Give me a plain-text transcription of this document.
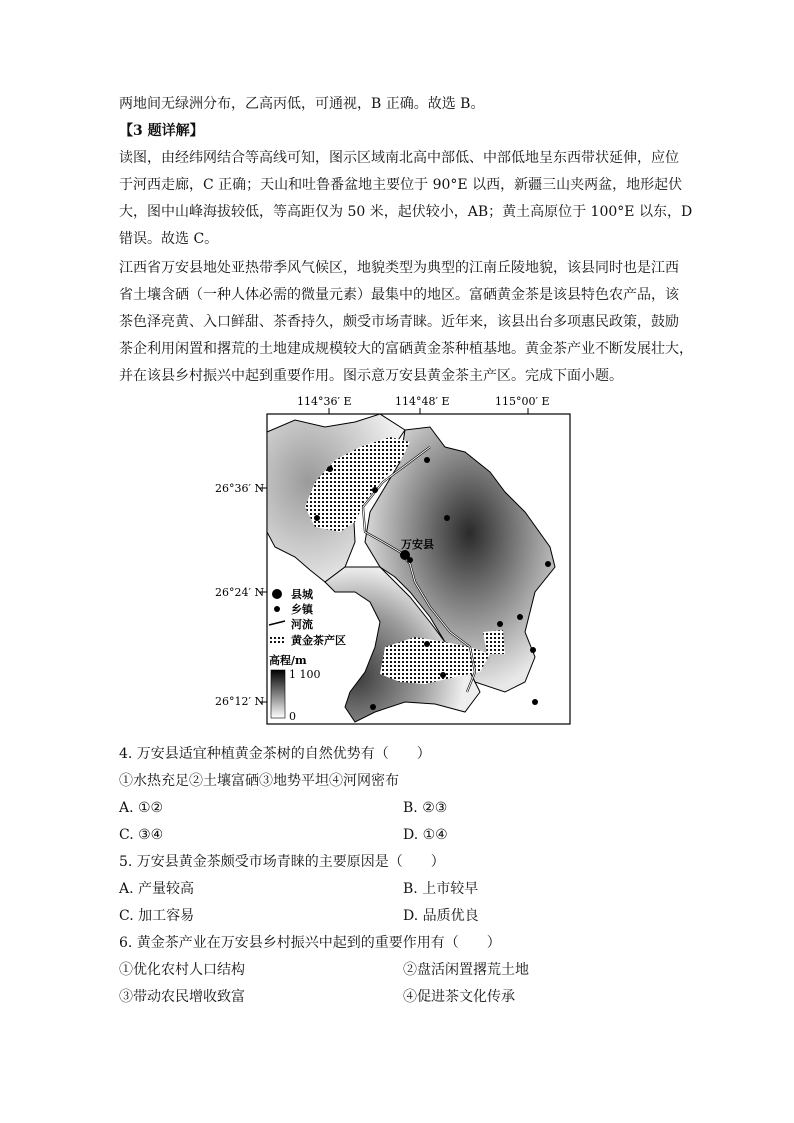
两地间无绿洲分布，乙高丙低，可通视，B 正确。故选 B。
【3 题详解】
读图，由经纬网结合等高线可知，图示区域南北高中部低、中部低地呈东西带状延伸，应位
于河西走廊，C 正确；天山和吐鲁番盆地主要位于 90°E 以西，新疆三山夹两盆，地形起伏
大，图中山峰海拔较低，等高距仅为 50 米，起伏较小，AB；黄土高原位于 100°E 以东，D
错误。故选 C。
江西省万安县地处亚热带季风气候区，地貌类型为典型的江南丘陵地貌，该县同时也是江西
省土壤含硒（一种人体必需的微量元素）最集中的地区。富硒黄金茶是该县特色农产品，该
茶色泽亮黄、入口鲜甜、茶香持久，颇受市场青睐。近年来，该县出台多项惠民政策，鼓励
茶企利用闲置和撂荒的土地建成规模较大的富硒黄金茶种植基地。黄金茶产业不断发展壮大，
并在该县乡村振兴中起到重要作用。图示意万安县黄金茶主产区。完成下面小题。
114°36′ E	114°48′ E	115°00′ E
26°36′ N
26°24′ N
26°12′ N
万安县
县城
乡镇
河流
黄金茶产区
高程/m
1 100
0
4. 万安县适宜种植黄金茶树的自然优势有（　　）
①水热充足②土壤富硒③地势平坦④河网密布
A. ①②	B. ②③
C. ③④	D. ①④
5. 万安县黄金茶颇受市场青睐的主要原因是（　　）
A. 产量较高	B. 上市较早
C. 加工容易	D. 品质优良
6. 黄金茶产业在万安县乡村振兴中起到的重要作用有（　　）
①优化农村人口结构	②盘活闲置撂荒土地
③带动农民增收致富	④促进茶文化传承
